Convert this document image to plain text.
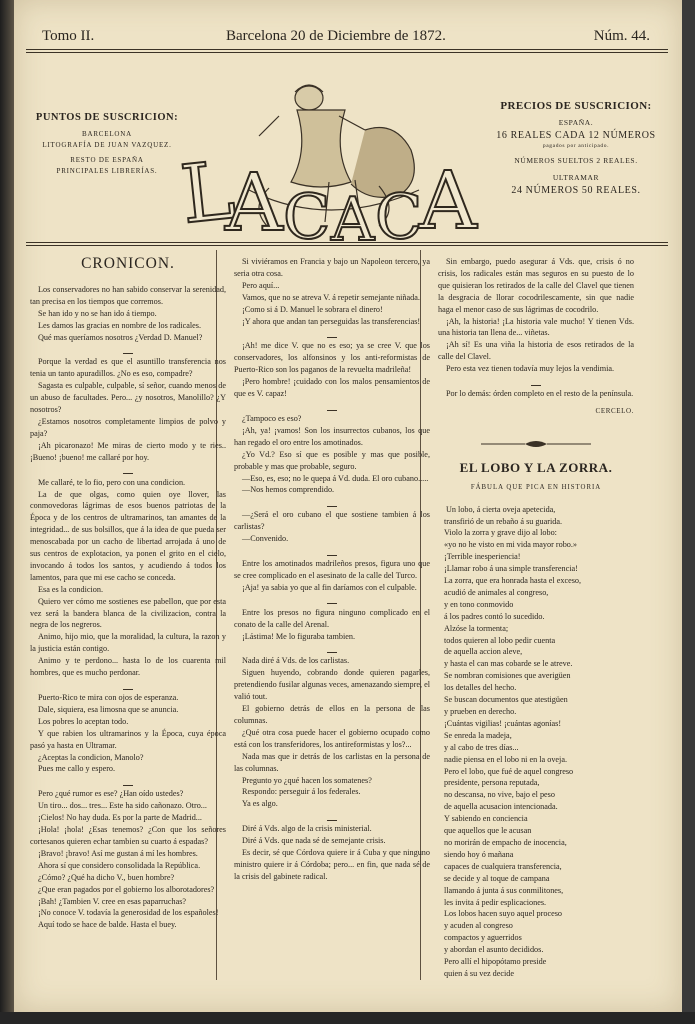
Tomo II.	Barcelona 20 de Diciembre de 1872.	Núm. 44.
PUNTOS DE SUSCRICION:
BARCELONA
LITOGRAFÍA DE JUAN VAZQUEZ.
RESTO DE ESPAÑA
PRINCIPALES LIBRERÍAS. L
A C A C
A
PRECIOS DE SUSCRICION:
ESPAÑA.
16 REALES CADA 12 NÚMEROS
pagados por anticipado.
NÚMEROS SUELTOS 2 REALES.
ULTRAMAR
24 NÚMEROS 50 REALES.
CRONICON.

Los conservadores no han sabido conservar la serenidad, tan precisa en los tiempos que corremos.

Se han ido y no se han ido á tiempo.

Les damos las gracias en nombre de los radicales.

Qué mas queríamos nosotros ¿Verdad D. Manuel?

Porque la verdad es que el asuntillo transferencia nos tenia un tanto apuradillos. ¿No es eso, compadre?

Sagasta es culpable, culpable, sí señor, cuando menos de un abuso de facultades. Pero... ¿y nosotros, Manolillo? ¿Y nosotros?

¿Estamos nosotros completamente limpios de polvo y paja?

¡Ah picaronazo! Me miras de cierto modo y te ries.. ¡Bueno! ¡bueno! me callaré por hoy.

Me callaré, te lo fio, pero con una condicion.

La de que olgas, como quien oye llover, las conmovedoras lágrimas de esos buenos patriotas de la Época y de los centros de ultramarinos, tan amantes de la integridad... de sus bolsillos, que á la idea de que pueda ser menoscabada por un cacho de libertad arrojada á uno de sus centros de explotacion, ya ponen el grito en el cielo, invocando á todos los santos, y acudiendo á todos los lamentos, para que mi ese cacho se conceda.

Esa es la condicion.

Quiero ver cómo me sostienes ese pabellon, que por esta vez será la bandera blanca de la civilizacion, contra la negra de los negreros.

Animo, hijo mio, que la moralidad, la cultura, la razon y la justicia están contigo.

Animo y te perdono... hasta lo de los cuarenta mil hombres, que es mucho perdonar.

Puerto-Rico te mira con ojos de esperanza.

Dale, siquiera, esa limosna que se anuncia.

Los pobres lo aceptan todo.

Y que rabien los ultramarinos y la Época, cuya época pasó ya hasta en Ultramar.

¿Aceptas la condicion, Manolo?

Pues me callo y espero.

Pero ¿qué rumor es ese? ¿Han oído ustedes?

Un tiro... dos... tres... Este ha sido cañonazo. Otro...

¡Cielos! No hay duda. Es por la parte de Madrid...

¡Hola! ¡hola! ¿Esas tenemos? ¿Con que los señores cortesanos quieren echar tambien su cuarto á espadas?

¡Bravo! ¡bravo! Así me gustan á mí les hombres.

Ahora sí que considero consolidada la República.

¿Cómo? ¿Qué ha dicho V., buen hombre?

¿Que eran pagados por el gobierno los alborotadores?

¡Bah! ¿Tambien V. cree en esas paparruchas?

¡No conoce V. todavía la generosidad de los españoles!

Aquí todo se hace de balde. Hasta el buey.

Si viviéramos en Francia y bajo un Napoleon tercero, ya seria otra cosa.

Pero aquí...

Vamos, que no se atreva V. á repetir semejante niñada.

¡Como si á D. Manuel le sobrara el dinero!

¡Y ahora que andan tan perseguidas las transferencias!

¡Ah! me dice V. que no es eso; ya se cree V. que los conservadores, los alfonsinos y los anti-reformistas de Puerto-Rico son los paganos de la revuelta madrileña!

¡Pero hombre! ¡cuidado con los malos pensamientos de que es V. capaz!

¿Tampoco es eso?

¡Ah, ya! ¡vamos! Son los insurrectos cubanos, los que han regado el oro entre los amotinados.

¿Yo Vd.? Eso sí que es posible y mas que posible, probable y mas que probable, seguro.

—Eso, es, eso; no le quepa á Vd. duda. El oro cubano.....

—Nos hemos comprendido.

—¿Será el oro cubano el que sostiene tambien á los carlistas?

—Convenido.

Entre los amotinados madrileños presos, figura uno que se cree complicado en el asesinato de la calle del Turco.

¡Aja! ya sabia yo que al fin daríamos con el culpable.

Entre los presos no figura ninguno complicado en el conato de la calle del Arenal.

¡Lástima! Me lo figuraba tambien.

Nada diré á Vds. de los carlistas.

Siguen huyendo, cobrando donde quieren pagarles, pretendiendo fusilar algunas veces, amenazando siempre, el valió tout.

El gobierno detrás de ellos en la persona de las columnas.

¿Qué otra cosa puede hacer el gobierno ocupado como está con los transferidores, los antireformistas y los?...

Nada mas que ir detrás de los carlistas en la persona de las columnas.

Pregunto yo ¿qué hacen los somatenes?

Respondo: perseguir á los federales.

Ya es algo.

Diré á Vds. algo de la crisis ministerial.

Diré á Vds. que nada sé de semejante crisis.

Es decir, sé que Córdova quiere ir á Cuba y que ninguno ministro quiere ir á Córdoba; pero... en fin, que nada sé de la crisis del gabinete radical.

Sin embargo, puedo asegurar á Vds. que, crisis ó no crisis, los radicales están mas seguros en su puesto de lo que quisieran los retirados de la calle del Clavel que tienen la desgracia de llorar cocodrilescamente, sin que nadie haga el menor caso de sus lágrimas de cocodrilo.

¡Ah, la historia! ¡La historia vale mucho! Y tienen Vds. una historia tan llena de... viñetas.

¡Ah sí! Es una viña la historia de esos retirados de la calle del Clavel.

Pero esta vez tienen todavía muy lejos la vendimia.

Por lo demás: órden completo en el resto de la península.

CERCELO.
EL LOBO Y LA ZORRA.
FÁBULA QUE PICA EN HISTORIA

Un lobo, á cierta oveja apetecida,

transfirió de un rebaño á su guarida.

Violo la zorra y grave dijo al lobo:

«yo no he visto en mi vida mayor robo.»

¡Terrible inesperiencia!

¡Llamar robo á una simple transferencia!

La zorra, que era honrada hasta el exceso,

acudió de animales al congreso,

y en tono conmovido

á los padres contó lo sucedido.

Alzóse la tormenta;

todos quieren al lobo pedir cuenta

de aquella accion aleve,

y hasta el can mas cobarde se le atreve.

Se nombran comisiones que averigüen

los detalles del hecho.

Se buscan documentos que atestigüen

y prueben en derecho.

¡Cuántas vigilias! ¡cuántas agonías!

Se enreda la madeja,

y al cabo de tres días...

nadie piensa en el lobo ni en la oveja.

Pero el lobo, que fué de aquel congreso

presidente, persona reputada,

no descansa, no vive, bajo el peso

de aquella acusacion intencionada.

Y sabiendo en conciencia

que aquellos que le acusan

no morirán de empacho de inocencia,

siendo hoy ó mañana

capaces de cualquiera transferencia,

se decide y al toque de campana

llamando á junta á sus conmilitones,

les invita á pedir esplicaciones.

Los lobos hacen suyo aquel proceso

y acuden al congreso

compactos y aguerridos

y abordan el asunto decididos.

Pero allí el hipopótamo preside

quien á su vez decide
